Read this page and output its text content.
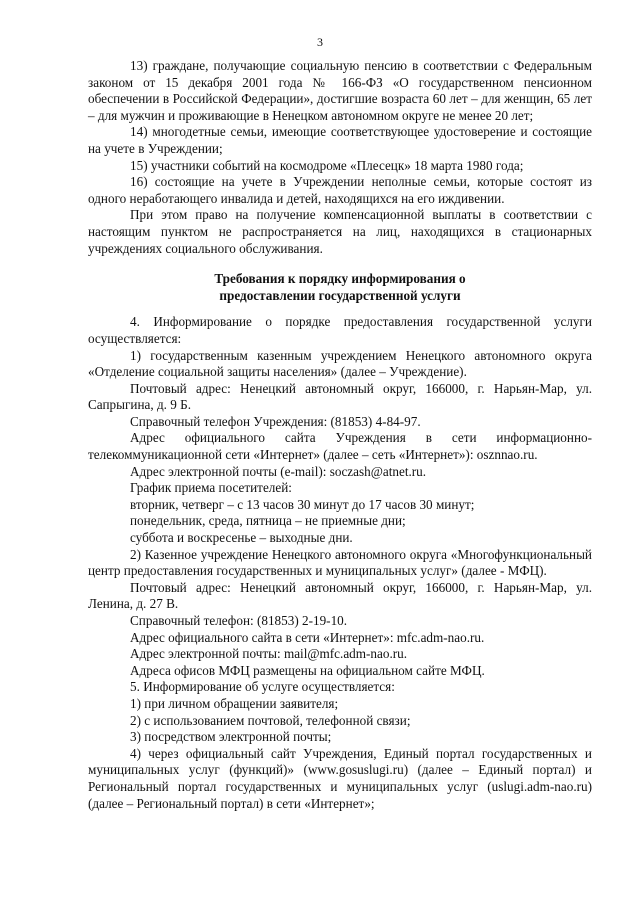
3

13) граждане, получающие социальную пенсию в соответствии с Федеральным законом от 15 декабря 2001 года № 166-ФЗ «О государственном пенсионном обеспечении в Российской Федерации», достигшие возраста 60 лет – для женщин, 65 лет – для мужчин и проживающие в Ненецком автономном округе не менее 20 лет;

14) многодетные семьи, имеющие соответствующее удостоверение и состоящие на учете в Учреждении;

15) участники событий на космодроме «Плесецк» 18 марта 1980 года;

16) состоящие на учете в Учреждении неполные семьи, которые состоят из одного неработающего инвалида и детей, находящихся на его иждивении.

При этом право на получение компенсационной выплаты в соответствии с настоящим пунктом не распространяется на лиц, находящихся в стационарных учреждениях социального обслуживания.

Требования к порядку информирования о
предоставлении государственной услуги

4. Информирование о порядке предоставления государственной услуги осуществляется:

1) государственным казенным учреждением Ненецкого автономного округа «Отделение социальной защиты населения» (далее – Учреждение).

Почтовый адрес: Ненецкий автономный округ, 166000, г. Нарьян-Мар, ул. Сапрыгина, д. 9 Б.

Справочный телефон Учреждения: (81853) 4-84-97.

Адрес официального сайта Учреждения в сети информационно-телекоммуникационной сети «Интернет» (далее – сеть «Интернет»): osznnao.ru.

Адрес электронной почты (e-mail): soczash@atnet.ru.

График приема посетителей:

вторник, четверг – с 13 часов 30 минут до 17 часов 30 минут;

понедельник, среда, пятница – не приемные дни;

суббота и воскресенье – выходные дни.

2) Казенное учреждение Ненецкого автономного округа «Многофункциональный центр предоставления государственных и муниципальных услуг» (далее - МФЦ).

Почтовый адрес: Ненецкий автономный округ, 166000, г. Нарьян-Мар, ул. Ленина, д. 27 В.

Справочный телефон: (81853) 2-19-10.

Адрес официального сайта в сети «Интернет»: mfc.adm-nao.ru.

Адрес электронной почты: mail@mfc.adm-nao.ru.

Адреса офисов МФЦ размещены на официальном сайте МФЦ.

5. Информирование об услуге осуществляется:

1) при личном обращении заявителя;

2) с использованием почтовой, телефонной связи;

3) посредством электронной почты;

4) через официальный сайт Учреждения, Единый портал государственных и муниципальных услуг (функций)» (www.gosuslugi.ru) (далее – Единый портал) и Региональный портал государственных и муниципальных услуг (uslugi.adm-nao.ru) (далее – Региональный портал) в сети «Интернет»;
